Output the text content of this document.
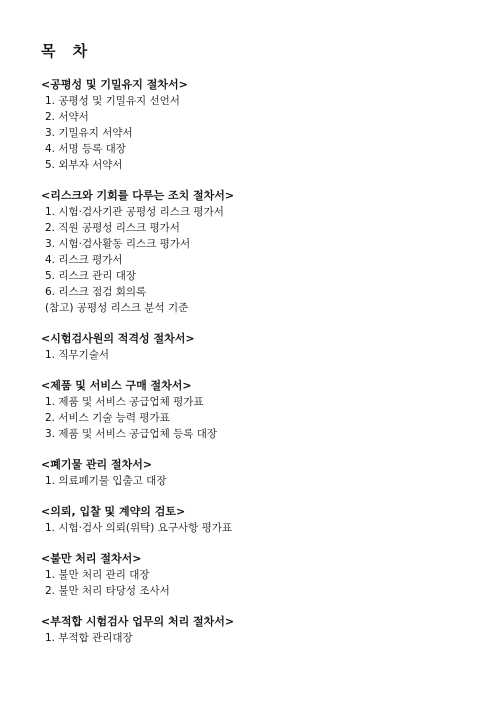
목 차
<공평성 및 기밀유지 절차서>
1. 공평성 및 기밀유지 선언서
2. 서약서
3. 기밀유지 서약서
4. 서명 등록 대장
5. 외부자 서약서
<리스크와 기회를 다루는 조치 절차서>
1. 시험·검사기관 공평성 리스크 평가서
2. 직원 공평성 리스크 평가서
3. 시험·검사활동 리스크 평가서
4. 리스크 평가서
5. 리스크 관리 대장
6. 리스크 점검 회의록
(참고) 공평성 리스크 분석 기준
<시험검사원의 적격성 절차서>
1. 직무기술서
<제품 및 서비스 구매 절차서>
1. 제품 및 서비스 공급업체 평가표
2. 서비스 기술 능력 평가표
3. 제품 및 서비스 공급업체 등록 대장
<폐기물 관리 절차서>
1. 의료폐기물 입출고 대장
<의뢰, 입찰 및 계약의 검토>
1. 시험·검사 의뢰(위탁) 요구사항 평가표
<불만 처리 절차서>
1. 불만 처리 관리 대장
2. 불만 처리 타당성 조사서
<부적합 시험검사 업무의 처리 절차서>
1. 부적합 관리대장
